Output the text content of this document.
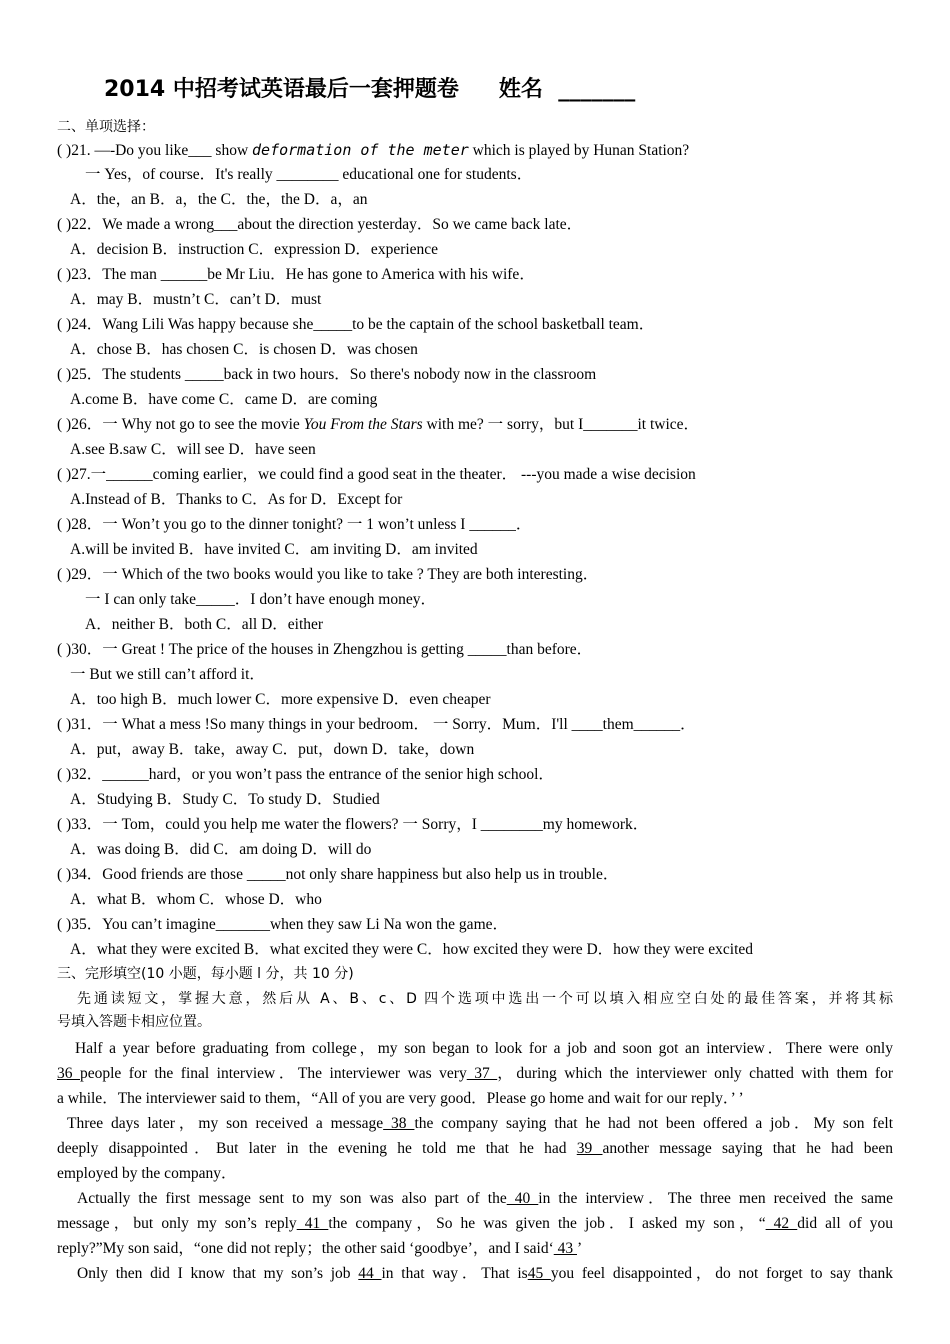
2014 中招考试英语最后一套押题卷 姓名 _______
二、单项选择：
( )21. —-Do you like___ show deformation of the meter which is played by Hunan Station?
一 Yes，of course．It's really ________ educational one for students．
A．the，an B．a，the C．the，the D．a，an
( )22．We made a wrong___about the direction yesterday．So we came back late．
A．decision B．instruction C．expression D．experience
( )23．The man ______be Mr Liu．He has gone to America with his wife．
A．may B．mustn’t C．can’t D．must
( )24．Wang Lili Was happy because she_____to be the captain of the school basketball team．
A．chose B．has chosen C．is chosen D．was chosen
( )25．The students _____back in two hours．So there's nobody now in the classroom
A.come B．have come C．came D．are coming
( )26．一 Why not go to see the movie You From the Stars with me? 一 sorry，but I_______it twice．
A.see B.saw C．will see D．have seen
( )27.一______coming earlier，we could find a good seat in the theater． ---you made a wise decision
A.Instead of B．Thanks to C．As for D．Except for
( )28．一 Won’t you go to the dinner tonight? 一 1 won’t unless I ______．
A.will be invited B．have invited C．am inviting D．am invited
( )29．一 Which of the two books would you like to take ? They are both interesting．
一 I can only take_____．I don’t have enough money．
A．neither B．both C．all D．either
( )30．一 Great ! The price of the houses in Zhengzhou is getting _____than before．
一 But we still can’t afford it．
A．too high B．much lower C．more expensive D．even cheaper
( )31．一 What a mess !So many things in your bedroom． 一 Sorry．Mum．I'll ____them______．
A．put，away B．take，away C．put，down D．take，down
( )32．______hard，or you won’t pass the entrance of the senior high school．
A．Studying B．Study C．To study D．Studied
( )33．一 Tom，could you help me water the flowers? 一 Sorry，I ________my homework．
A．was doing B．did C．am doing D．will do
( )34．Good friends are those _____not only share happiness but also help us in trouble．
A．what B．whom C．whose D．who
( )35．You can’t imagine_______when they saw Li Na won the game．
A．what they were excited B．what excited they were C．how excited they were D．how they were excited
三、完形填空(10 小题，每小题 l 分，共 10 分)
先通读短文，掌握大意，然后从 A、B、c、D 四个选项中选出一个可以填入相应空白处的最佳答案，并将其标
号填入答题卡相应位置。
Half a year before graduating from college，my son began to look for a job and soon got an interview．There were only
36 people for the final interview．The interviewer was very 37 ，during which the interviewer only chatted with them for
a while．The interviewer said to them，“All of you are very good．Please go home and wait for our reply．’ ’
Three days later，my son received a message 38 the company saying that he had not been offered a job．My son felt
deeply disappointed．But later in the evening he told me that he had 39 another message saying that he had been
employed by the company．
Actually the first message sent to my son was also part of the 40 in the interview．The three men received the same
message，but only my son’s reply 41 the company，So he was given the job．I asked my son，“ 42 did all of you
reply?”My son said，“one did not reply；the other said ‘goodbye’，and I said‘ 43 ’
Only then did I know that my son’s job 44 in that way．That is45 you feel disappointed，do not forget to say thank
